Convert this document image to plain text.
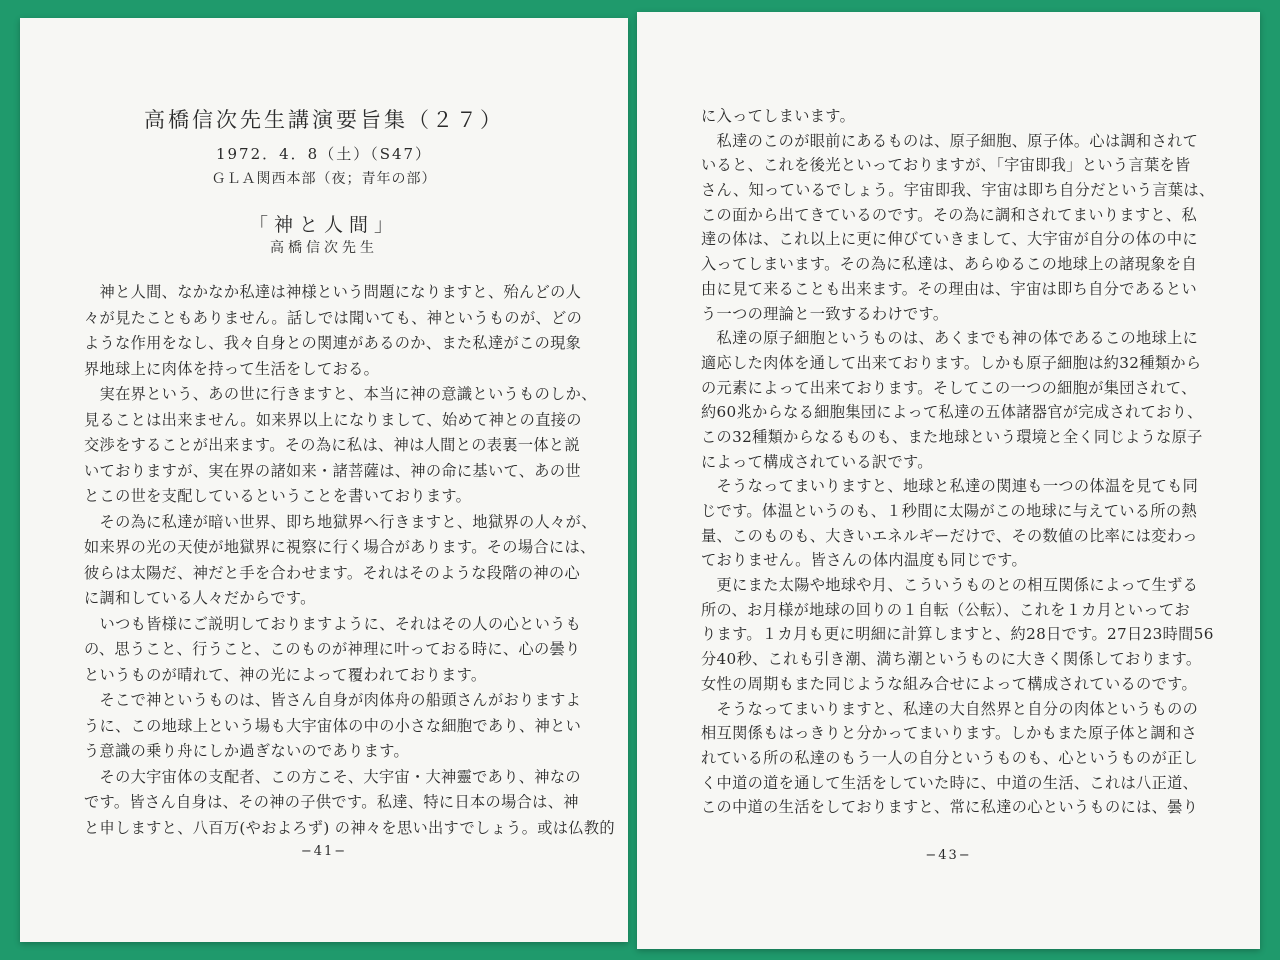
高橋信次先生講演要旨集（２７）
1972．4．8（土）（S47）
ＧＬＡ関西本部（夜；青年の部）
「神と人間」
高橋信次先生
　神と人間、なかなか私達は神様という問題になりますと、殆んどの人
々が見たこともありません。話しでは聞いても、神というものが、どの
ような作用をなし、我々自身との関連があるのか、また私達がこの現象
界地球上に肉体を持って生活をしておる。
　実在界という、あの世に行きますと、本当に神の意識というものしか、
見ることは出来ません。如来界以上になりまして、始めて神との直接の
交渉をすることが出来ます。その為に私は、神は人間との表裏一体と説
いておりますが、実在界の諸如来・諸菩薩は、神の命に基いて、あの世
とこの世を支配しているということを書いております。
　その為に私達が暗い世界、即ち地獄界へ行きますと、地獄界の人々が、
如来界の光の天使が地獄界に視察に行く場合があります。その場合には、
彼らは太陽だ、神だと手を合わせます。それはそのような段階の神の心
に調和している人々だからです。
　いつも皆様にご説明しておりますように、それはその人の心というも
の、思うこと、行うこと、このものが神理に叶っておる時に、心の曇り
というものが晴れて、神の光によって覆われております。
　そこで神というものは、皆さん自身が肉体舟の船頭さんがおりますよ
うに、この地球上という場も大宇宙体の中の小さな細胞であり、神とい
う意識の乗り舟にしか過ぎないのであります。
　その大宇宙体の支配者、この方こそ、大宇宙・大神靈であり、神なの
です。皆さん自身は、その神の子供です。私達、特に日本の場合は、神
と申しますと、八百万(やおよろず) の神々を思い出すでしょう。或は仏教的
−41−
に入ってしまいます。
　私達のこのが眼前にあるものは、原子細胞、原子体。心は調和されて
いると、これを後光といっておりますが、「宇宙即我」という言葉を皆
さん、知っているでしょう。宇宙即我、宇宙は即ち自分だという言葉は、
この面から出てきているのです。その為に調和されてまいりますと、私
達の体は、これ以上に更に伸びていきまして、大宇宙が自分の体の中に
入ってしまいます。その為に私達は、あらゆるこの地球上の諸現象を自
由に見て来ることも出来ます。その理由は、宇宙は即ち自分であるとい
う一つの理論と一致するわけです。
　私達の原子細胞というものは、あくまでも神の体であるこの地球上に
適応した肉体を通して出来ております。しかも原子細胞は約32種類から
の元素によって出来ております。そしてこの一つの細胞が集団されて、
約60兆からなる細胞集団によって私達の五体諸器官が完成されており、
この32種類からなるものも、また地球という環境と全く同じような原子
によって構成されている訳です。
　そうなってまいりますと、地球と私達の関連も一つの体温を見ても同
じです。体温というのも、１秒間に太陽がこの地球に与えている所の熱
量、このものも、大きいエネルギーだけで、その数値の比率には変わっ
ておりません。皆さんの体内温度も同じです。
　更にまた太陽や地球や月、こういうものとの相互関係によって生ずる
所の、お月様が地球の回りの１自転（公転）、これを１カ月といってお
ります。１カ月も更に明細に計算しますと、約28日です。27日23時間56
分40秒、これも引き潮、満ち潮というものに大きく関係しております。
女性の周期もまた同じような組み合せによって構成されているのです。
　そうなってまいりますと、私達の大自然界と自分の肉体というものの
相互関係もはっきりと分かってまいります。しかもまた原子体と調和さ
れている所の私達のもう一人の自分というものも、心というものが正し
く中道の道を通して生活をしていた時に、中道の生活、これは八正道、
この中道の生活をしておりますと、常に私達の心というものには、曇り
−43−
